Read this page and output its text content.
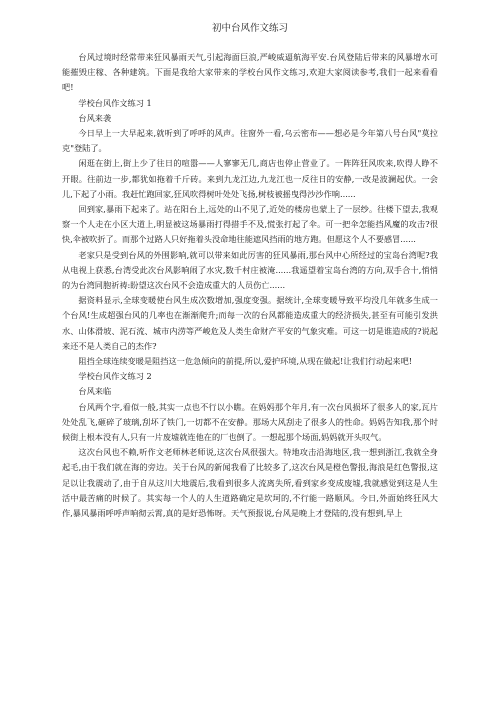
初中台风作文练习

台风过境时经常带来狂风暴雨天气,引起海面巨浪,严峻威逼航海平安.台风登陆后带来的风暴增水可能摧毁庄稼、各种建筑。下面是我给大家带来的学校台风作文练习,欢迎大家阅读参考,我们一起来看看吧!

学校台风作文练习 1

台风来袭

今日早上一大早起来,就听到了呼呼的风声。往窗外一看,乌云密布——想必是今年第八号台风"莫拉克"登陆了。

闲逛在街上,街上少了往日的喧嚣——人寥寥无几,商店也停止营业了。一阵阵狂风吹来,吹得人睁不开眼。往前边一步,都犹如拖着千斤砖。来到九龙江边,九龙江也一反往日的安静,一改是波澜起伏。一会儿,下起了小雨。我赶忙跑回家,狂风吹得树叶处处飞扬,树枝被摇曳得沙沙作响......

回到家,暴雨下起来了。站在阳台上,远处的山不见了,近处的楼房也蒙上了一层纱。往楼下望去,我观察一个人走在小区大道上,明显被这场暴雨打得措手不及,慌张打起了伞。可一把伞怎能挡风魔的攻击?很快,伞被吹折了。而那个过路人只好拖着头没命地往能遮风挡雨的地方跑。但愿这个人不要感冒......

老家只是受到台风的外围影响,就可以带来如此厉害的狂风暴雨,那台风中心所经过的宝岛台湾呢?我从电视上获悉,台湾受此次台风影响闹了水灾,数千村庄被淹......我遥望着宝岛台湾的方向,双手合十,悄悄的为台湾同胞祈祷:盼望这次台风不会造成重大的人员伤亡......

据资料显示,全球变暖使台风生成次数增加,强度变强。据统计,全球变暖导致平均没几年就多生成一个台风!生成超强台风的几率也在渐渐爬升;而每一次的台风都能造成重大的经济损失,甚至有可能引发洪水、山体滑坡、泥石流、城市内涝等严峻危及人类生命财产平安的气象灾难。可这一切是谁造成的?说起来还不是人类自己的杰作?

阻挡全球连续变暖是阻挡这一危急倾向的前提,所以,爱护环境,从现在做起!让我们行动起来吧!

学校台风作文练习 2

台风来临

台风两个字,看似一般,其实一点也不行以小瞧。在妈妈那个年月,有一次台风损坏了很多人的家,瓦片处处乱飞,砸碎了玻璃,刮坏了铁门,一切都不在安静。那场大风刮走了很多人的性命。妈妈告知我,那个时候街上根本没有人,只有一片废墟就连他在的厂也倒了。一想起那个场面,妈妈就开头叹气。

这次台风也不赖,听作文老师林老师说,这次台风很强大。特地攻击沿海地区,我一想到浙江,我就全身起毛,由于我们就在海的旁边。关于台风的新闻我看了比较多了,这次台风是橙色警报,海浪是红色警报,这足以让我震动了,由于自从这川大地震后,我看到很多人流离失所,看到家乡变成废墟,我就感觉到这是人生活中最苦痛的时候了。其实每一个人的人生道路确定是坎坷的,不行能一路顺风。今日,外面始终狂风大作,暴风暴雨呼呼声响彻云霄,真的是好恐怖呀。天气预报说,台风是晚上才登陆的,没有想到,早上
